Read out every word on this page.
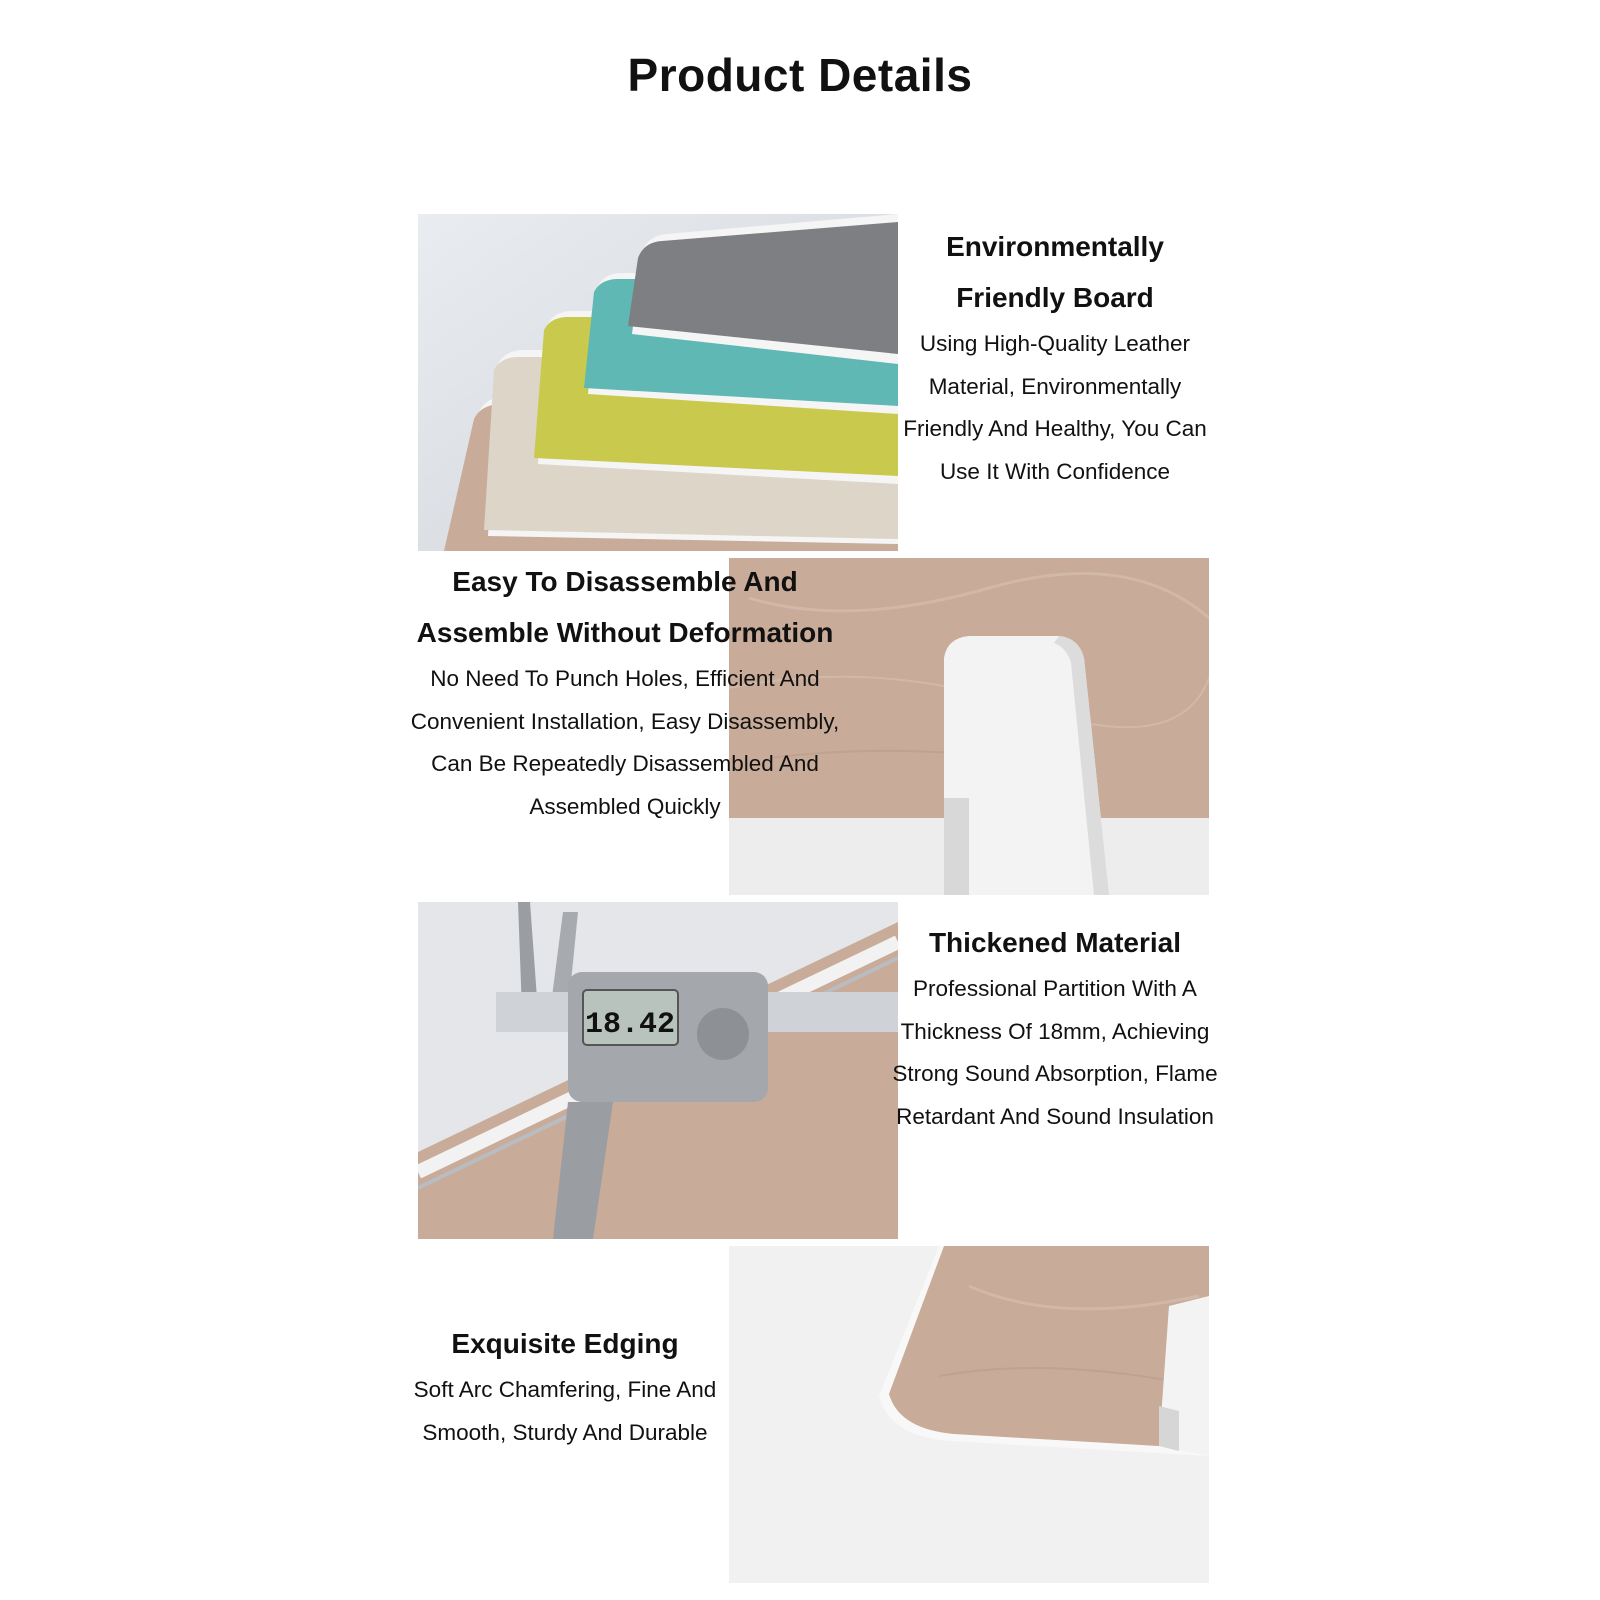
Product Details
18.42
Environmentally Friendly Board

Using High-Quality Leather Material, Environmentally Friendly And Healthy, You Can Use It With Confidence

Easy To Disassemble And Assemble Without Deformation

No Need To Punch Holes, Efficient And Convenient Installation, Easy Disassembly, Can Be Repeatedly Disassembled And Assembled Quickly

Thickened Material

Professional Partition With A Thickness Of 18mm, Achieving Strong Sound Absorption, Flame Retardant And Sound Insulation

Exquisite Edging

Soft Arc Chamfering, Fine And Smooth, Sturdy And Durable
